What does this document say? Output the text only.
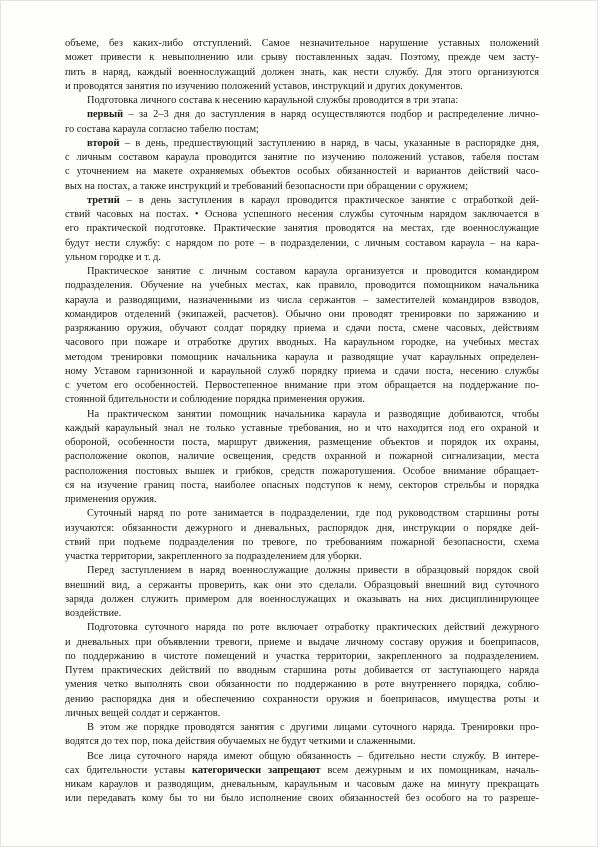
объеме, без каких-либо отступлений. Самое незначительное нарушение уставных положений
может привести к невыполнению или срыву поставленных задач. Поэтому, прежде чем засту-
пить в наряд, каждый военнослужащий должен знать, как нести службу. Для этого организуются
и проводятся занятия по изучению положений уставов, инструкций и других документов.

Подготовка личного состава к несению караульной службы проводится в три этапа:

первый – за 2–3 дня до заступления в наряд осуществляются подбор и распределение лично-
го состава караула согласно табелю постам;

второй – в день, предшествующий заступлению в наряд, в часы, указанные в распорядке дня,
с личным составом караула проводится занятие по изучению положений уставов, табеля постам
с уточнением на макете охраняемых объектов особых обязанностей и вариантов действий часо-
вых на постах, а также инструкций и требований безопасности при обращении с оружием;

третий – в день заступления в караул проводится практическое занятие с отработкой дей-
ствий часовых на постах. • Основа успешного несения службы суточным нарядом заключается в
его практической подготовке. Практические занятия проводятся на местах, где военнослужащие
будут нести службу: с нарядом по роте – в подразделении, с личным составом караула – на кара-
ульном городке и т. д.

Практическое занятие с личным составом караула организуется и проводится командиром
подразделения. Обучение на учебных местах, как правило, проводится помощником начальника
караула и разводящими, назначенными из числа сержантов – заместителей командиров взводов,
командиров отделений (экипажей, расчетов). Обычно они проводят тренировки по заряжанию и
разряжанию оружия, обучают солдат порядку приема и сдачи поста, смене часовых, действиям
часового при пожаре и отработке других вводных. На караульном городке, на учебных местах
методом тренировки помощник начальника караула и разводящие учат караульных определен-
ному Уставом гарнизонной и караульной служб порядку приема и сдачи поста, несению службы
с учетом его особенностей. Первостепенное внимание при этом обращается на поддержание по-
стоянной бдительности и соблюдение порядка применения оружия.

На практическом занятии помощник начальника караула и разводящие добиваются, чтобы
каждый караульный знал не только уставные требования, но и что находится под его охраной и
обороной, особенности поста, маршрут движения, размещение объектов и порядок их охраны,
расположение окопов, наличие освещения, средств охранной и пожарной сигнализации, места
расположения постовых вышек и грибков, средств пожаротушения. Особое внимание обращает-
ся на изучение границ поста, наиболее опасных подступов к нему, секторов стрельбы и порядка
применения оружия.

Суточный наряд по роте занимается в подразделении, где под руководством старшины роты
изучаются: обязанности дежурного и дневальных, распорядок дня, инструкции о порядке дей-
ствий при подъеме подразделения по тревоге, по требованиям пожарной безопасности, схема
участка территории, закрепленного за подразделением для уборки.

Перед заступлением в наряд военнослужащие должны привести в образцовый порядок свой
внешний вид, а сержанты проверить, как они это сделали. Образцовый внешний вид суточного
заряда должен служить примером для военнослужащих и оказывать на них дисциплинирующее
воздействие.

Подготовка суточного наряда по роте включает отработку практических действий дежурного
и дневальных при объявлении тревоги, приеме и выдаче личному составу оружия и боеприпасов,
по поддержанию в чистоте помещений и участка территории, закрепленного за подразделением.
Путем практических действий по вводным старшина роты добивается от заступающего наряда
умения четко выполнять свои обязанности по поддержанию в роте внутреннего порядка, соблю-
дению распорядка дня и обеспечению сохранности оружия и боеприпасов, имущества роты и
личных вещей солдат и сержантов.

В этом же порядке проводятся занятия с другими лицами суточного наряда. Тренировки про-
водятся до тех пор, пока действия обучаемых не будут четкими и слаженными.

Все лица суточного наряда имеют общую обязанность – бдительно нести службу. В интере-
сах бдительности уставы категорически запрещают всем дежурным и их помощникам, началь-
никам караулов и разводящим, дневальным, караульным и часовым даже на минуту прекращать
или передавать кому бы то ни было исполнение своих обязанностей без особого на то разреше-
